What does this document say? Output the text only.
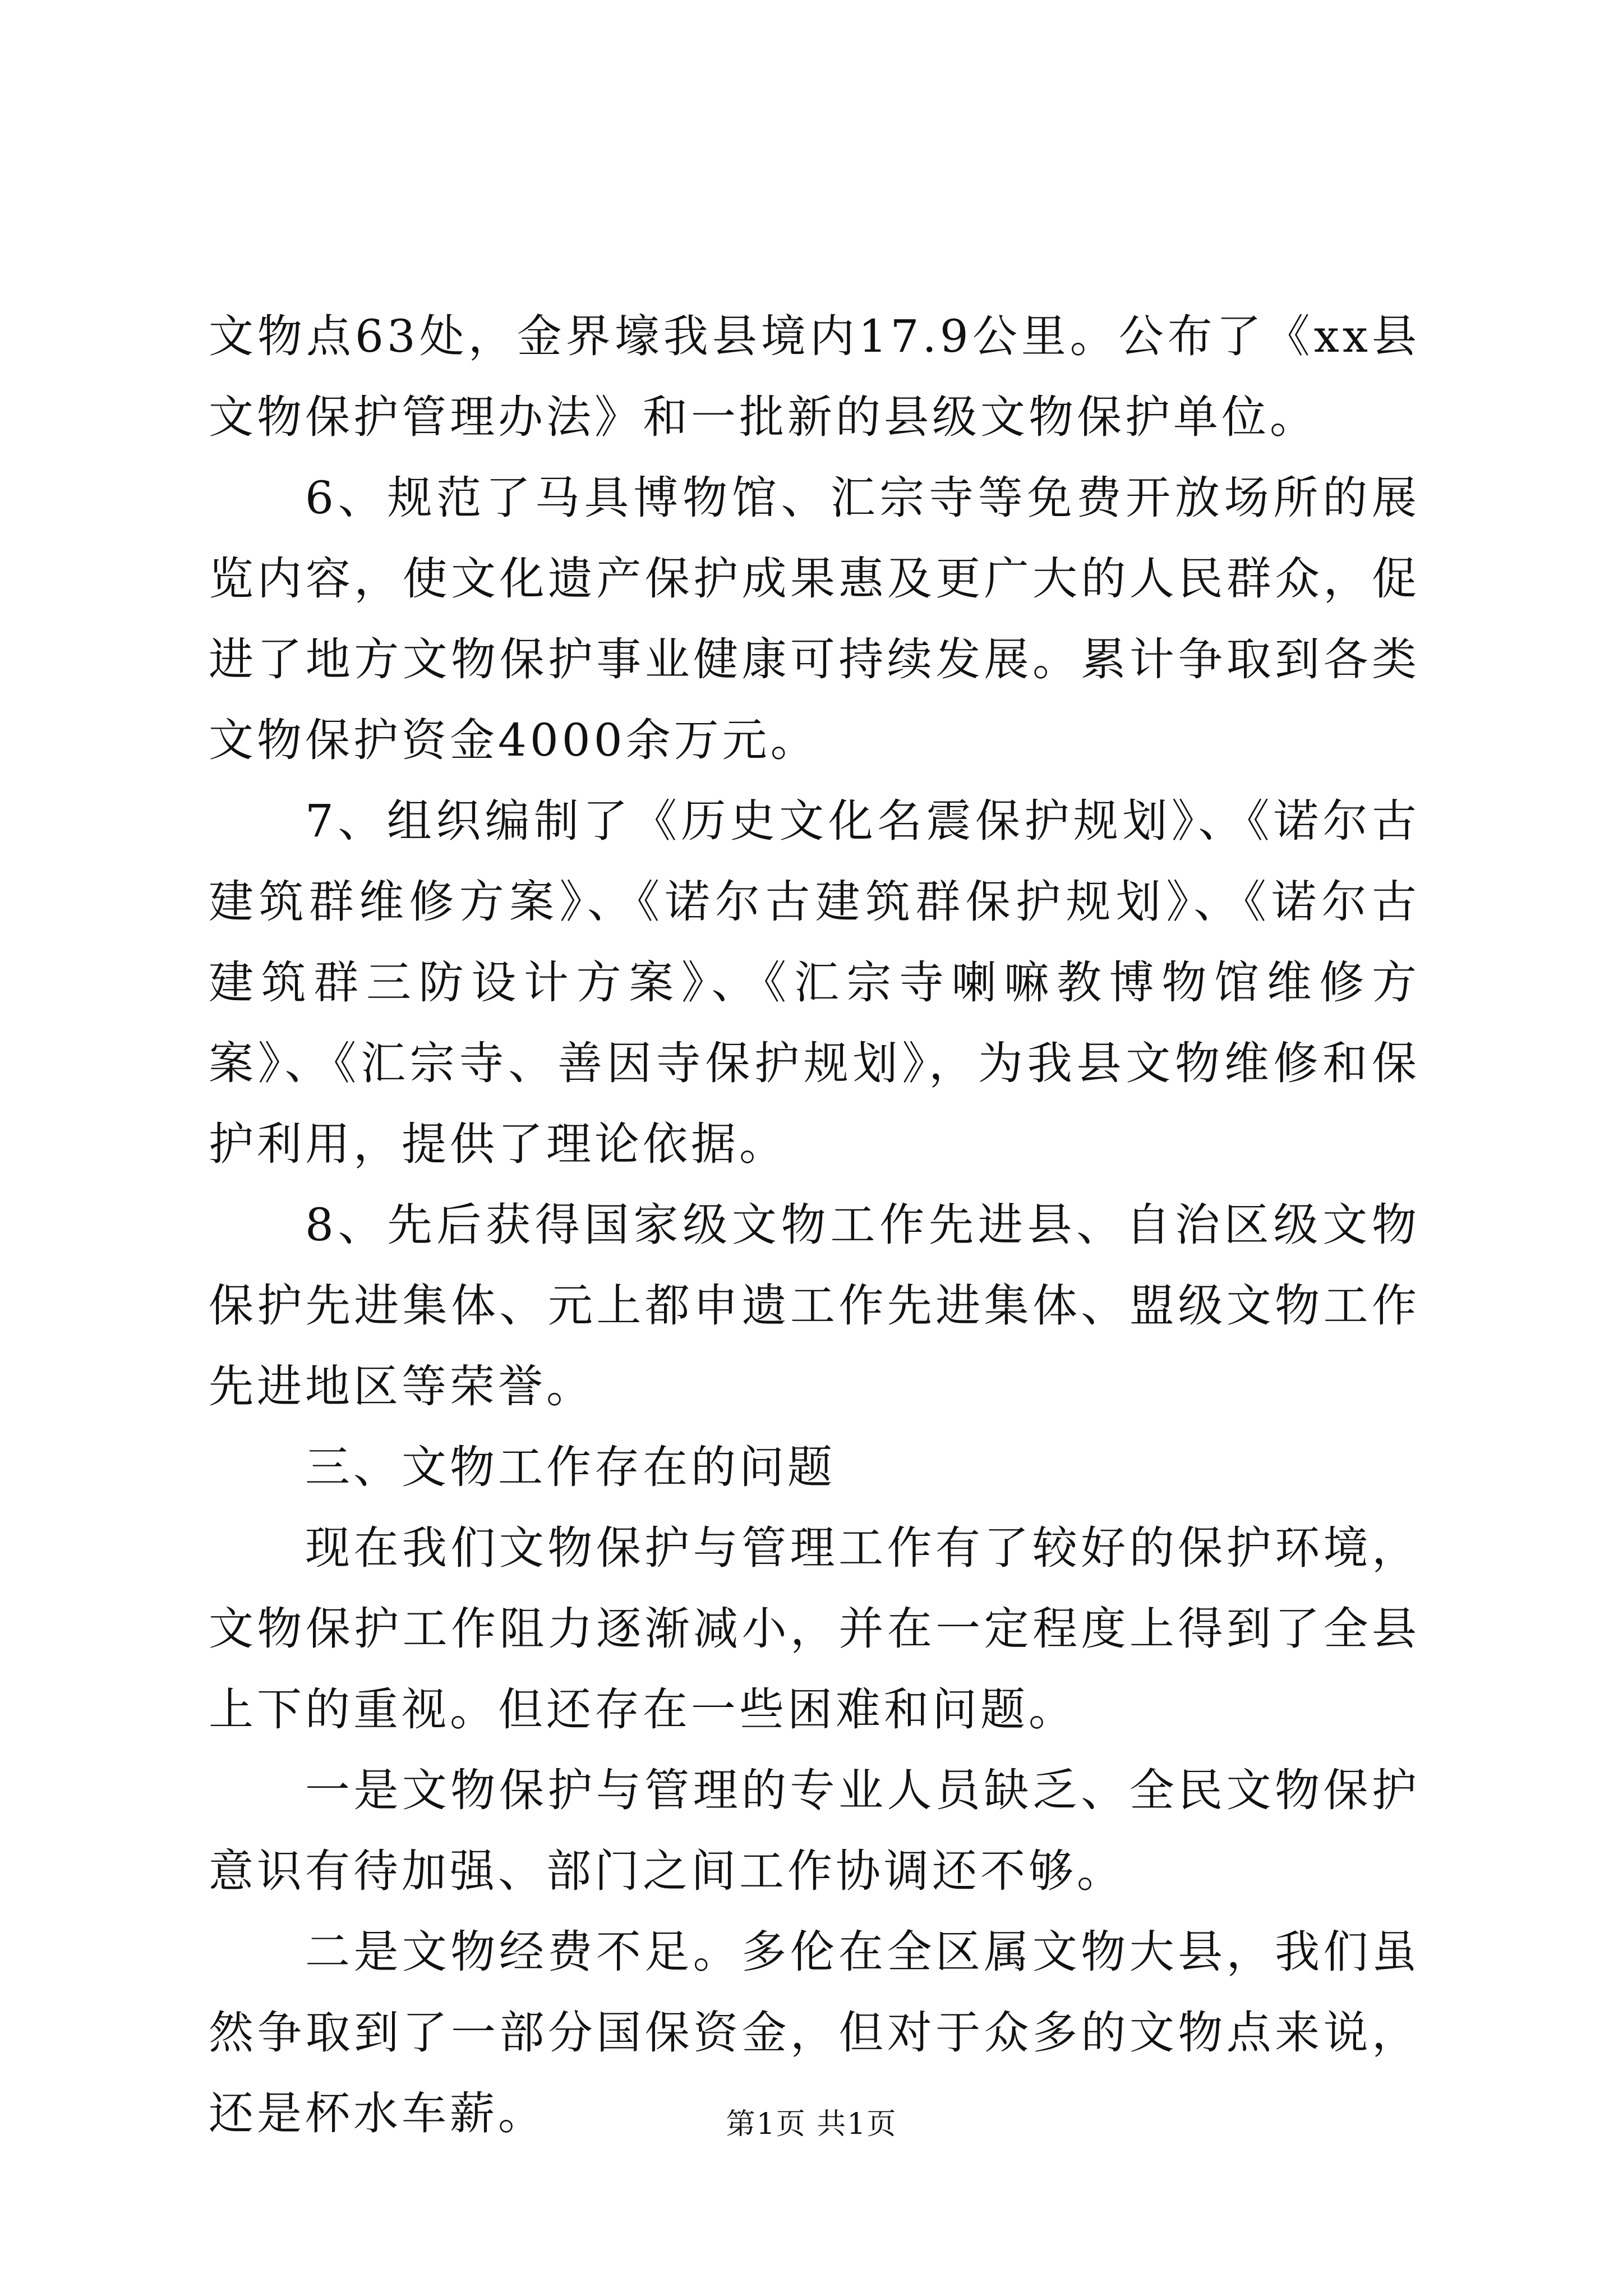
文物点63处，金界壕我县境内17.9公里。公布了《xx县文物保护管理办法》和一批新的县级文物保护单位。

6、规范了马具博物馆、汇宗寺等免费开放场所的展览内容，使文化遗产保护成果惠及更广大的人民群众，促进了地方文物保护事业健康可持续发展。累计争取到各类文物保护资金4000余万元。

7、组织编制了《历史文化名震保护规划》、《诺尔古建筑群维修方案》、《诺尔古建筑群保护规划》、《诺尔古建筑群三防设计方案》、《汇宗寺喇嘛教博物馆维修方案》、《汇宗寺、善因寺保护规划》，为我县文物维修和保护利用，提供了理论依据。

8、先后获得国家级文物工作先进县、自治区级文物保护先进集体、元上都申遗工作先进集体、盟级文物工作先进地区等荣誉。

三、文物工作存在的问题

现在我们文物保护与管理工作有了较好的保护环境，文物保护工作阻力逐渐减小，并在一定程度上得到了全县上下的重视。但还存在一些困难和问题。

一是文物保护与管理的专业人员缺乏、全民文物保护意识有待加强、部门之间工作协调还不够。

二是文物经费不足。多伦在全区属文物大县，我们虽然争取到了一部分国保资金，但对于众多的文物点来说，还是杯水车薪。	第1页 共1页
